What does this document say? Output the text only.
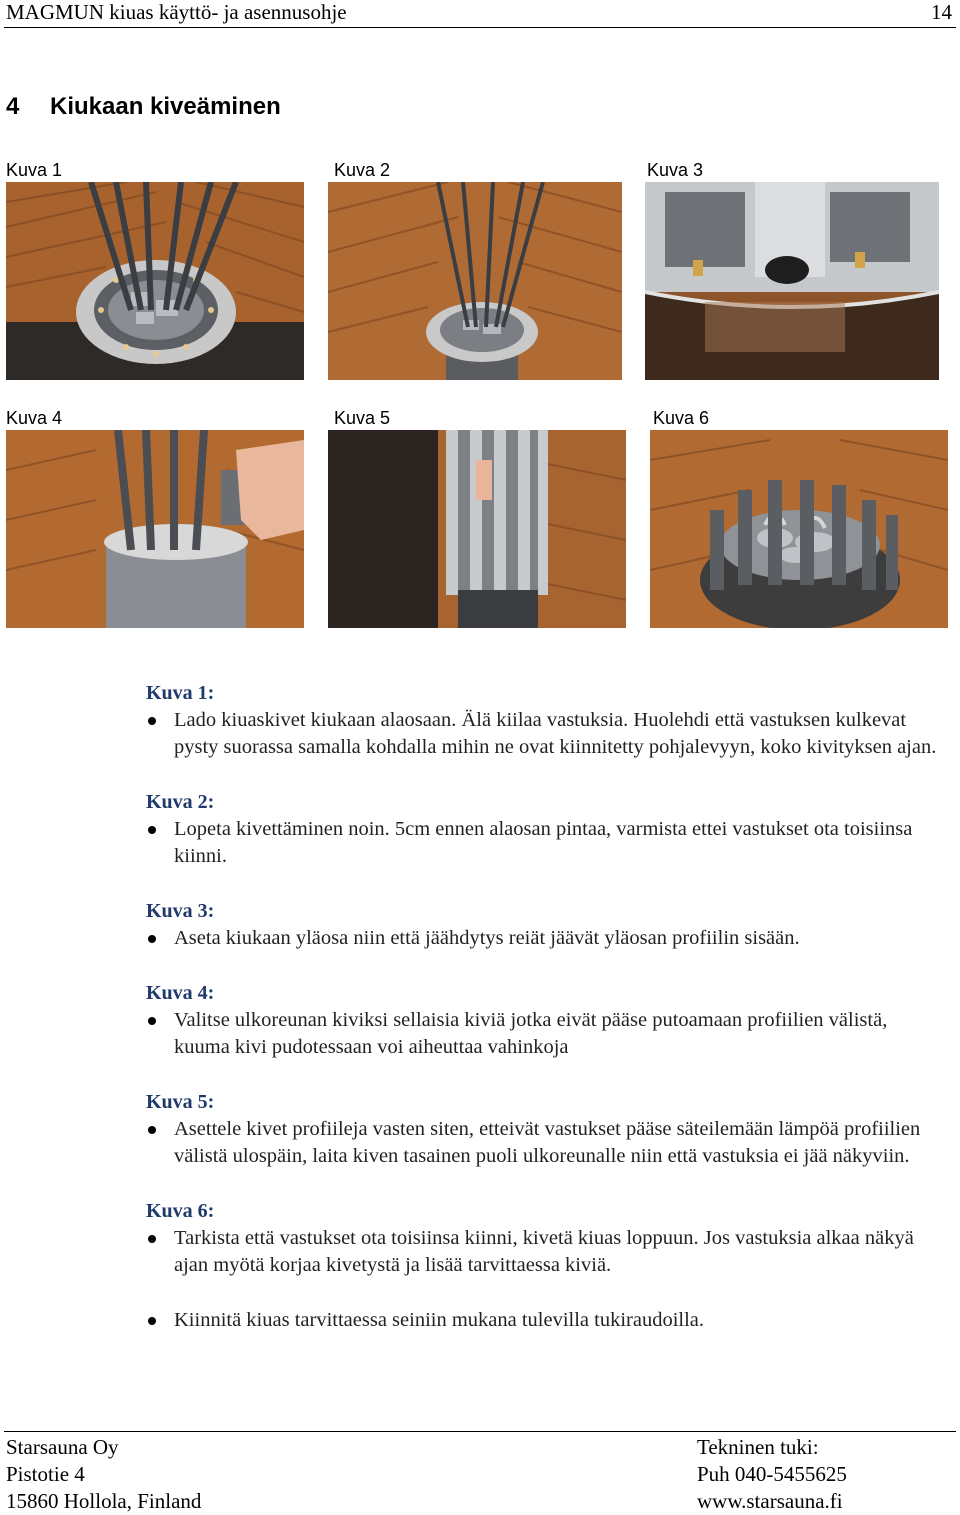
MAGMUN kiuas käyttö- ja asennusohje	14
4 Kiukaan kiveäminen
Kuva 1	Kuva 2	Kuva 3
Kuva 4	Kuva 5	Kuva 6
Kuva 1:
Lado kiuaskivet kiukaan alaosaan. Älä kiilaa vastuksia. Huolehdi että vastuksen kulkevat pysty suorassa samalla kohdalla mihin ne ovat kiinnitetty pohjalevyyn, koko kivityksen ajan.
Kuva 2:
Lopeta kivettäminen noin. 5cm ennen alaosan pintaa, varmista ettei vastukset ota toisiinsa kiinni.
Kuva 3:
Aseta kiukaan yläosa niin että jäähdytys reiät jäävät yläosan profiilin sisään.
Kuva 4:
Valitse ulkoreunan kiviksi sellaisia kiviä jotka eivät pääse putoamaan profiilien välistä, kuuma kivi pudotessaan voi aiheuttaa vahinkoja
Kuva 5:
Asettele kivet profiileja vasten siten, etteivät vastukset pääse säteilemään lämpöä profiilien välistä ulospäin, laita kiven tasainen puoli ulkoreunalle niin että vastuksia ei jää näkyviin.
Kuva 6:
Tarkista että vastukset ota toisiinsa kiinni, kivetä kiuas loppuun. Jos vastuksia alkaa näkyä ajan myötä korjaa kivetystä ja lisää tarvittaessa kiviä.
Kiinnitä kiuas tarvittaessa seiniin mukana tulevilla tukiraudoilla.
Starsauna Oy
Pistotie 4
15860 Hollola, Finland
Tekninen tuki:
Puh 040-5455625
www.starsauna.fi
